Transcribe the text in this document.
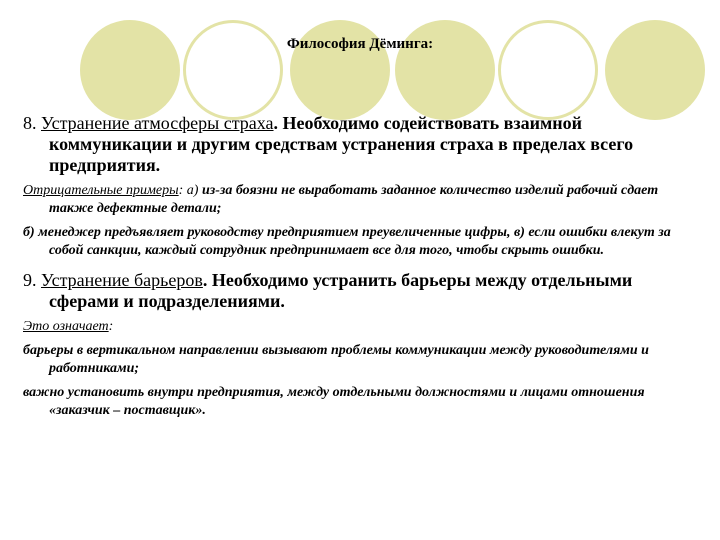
Философия Дёминга:

8. Устранение атмосферы страха. Необходимо содействовать взаимной коммуникации и другим средствам устранения страха в пределах всего предприятия.

Отрицательные примеры: а) из-за боязни не выработать заданное количество изделий рабочий сдает также дефектные детали;

б) менеджер предъявляет руководству предприятием преувеличенные цифры, в) если ошибки влекут за собой санкции, каждый сотрудник предпринимает все для того, чтобы скрыть ошибки.

9. Устранение барьеров. Необходимо устранить барьеры между отдельными сферами и подразделениями.

Это означает:

барьеры в вертикальном направлении вызывают проблемы коммуникации между руководителями и работниками;

важно установить внутри предприятия, между отдельными должностями и лицами отношения «заказчик – поставщик».
